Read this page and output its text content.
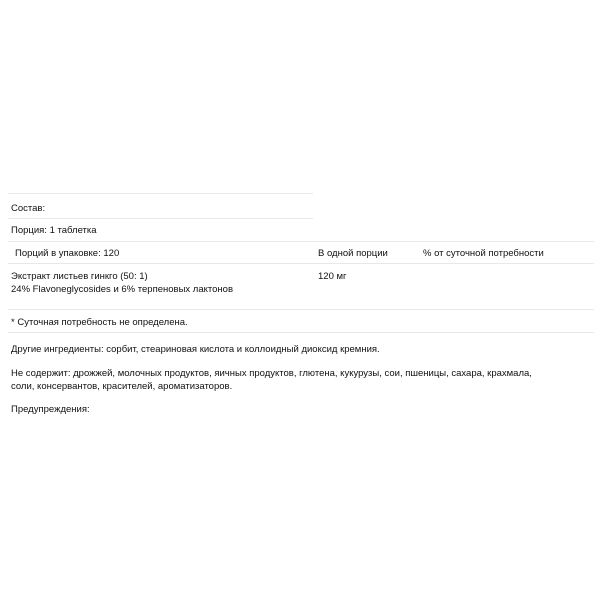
Состав:
Порция: 1 таблетка
Порций в упаковке: 120	В одной порции	% от суточной потребности
Экстракт листьев гинкго (50: 1)
24% Flavoneglycosides и 6% терпеновых лактонов
120 мг
* Суточная потребность не определена.
Другие ингредиенты: сорбит, стеариновая кислота и коллоидный диоксид кремния.
Не содержит: дрожжей, молочных продуктов, яичных продуктов, глютена, кукурузы, сои, пшеницы, сахара, крахмала,
соли, консервантов, красителей, ароматизаторов.
Предупреждения:
